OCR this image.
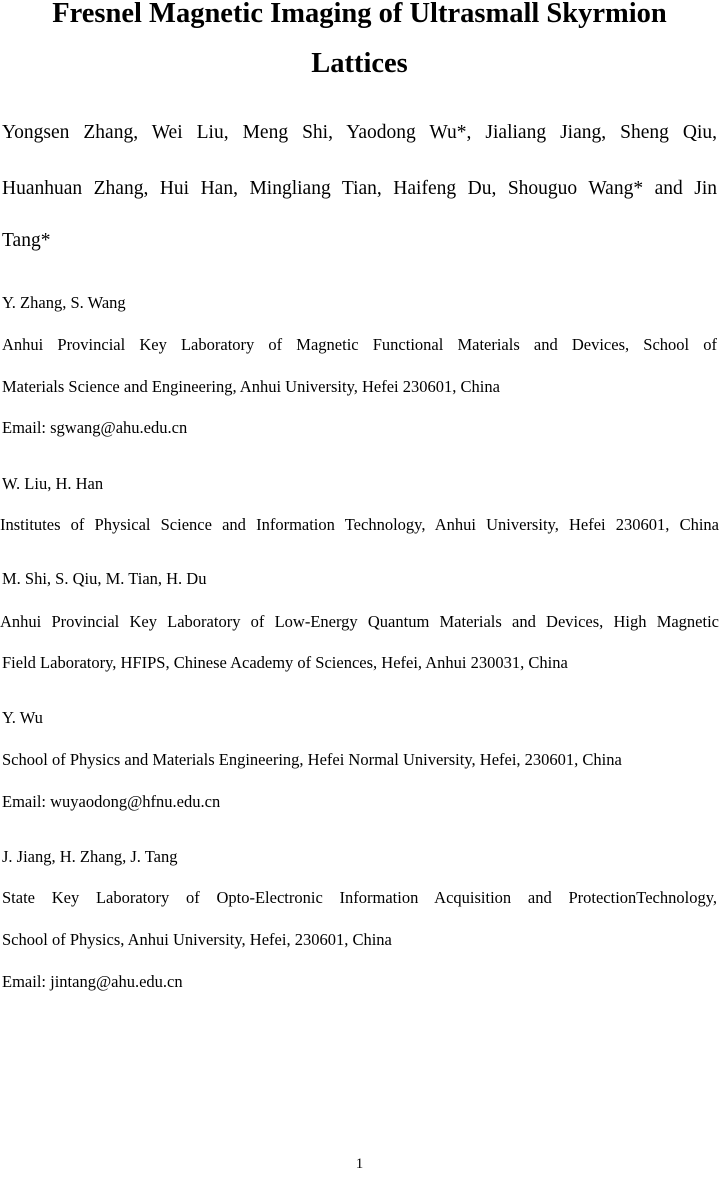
Fresnel Magnetic Imaging of Ultrasmall Skyrmion
Lattices
Yongsen Zhang, Wei Liu, Meng Shi, Yaodong Wu*, Jialiang Jiang, Sheng Qiu,
Huanhuan Zhang, Hui Han, Mingliang Tian, Haifeng Du, Shouguo Wang* and Jin
Tang*
Y. Zhang, S. Wang
Anhui Provincial Key Laboratory of Magnetic Functional Materials and Devices, School of
Materials Science and Engineering, Anhui University, Hefei 230601, China
Email: sgwang@ahu.edu.cn
W. Liu, H. Han
Institutes of Physical Science and Information Technology, Anhui University, Hefei 230601, China
M. Shi, S. Qiu, M. Tian, H. Du
Anhui Provincial Key Laboratory of Low-Energy Quantum Materials and Devices, High Magnetic
Field Laboratory, HFIPS, Chinese Academy of Sciences, Hefei, Anhui 230031, China
Y. Wu
School of Physics and Materials Engineering, Hefei Normal University, Hefei, 230601, China
Email: wuyaodong@hfnu.edu.cn
J. Jiang, H. Zhang, J. Tang
State Key Laboratory of Opto-Electronic Information Acquisition and ProtectionTechnology,
School of Physics, Anhui University, Hefei, 230601, China
Email: jintang@ahu.edu.cn
1
